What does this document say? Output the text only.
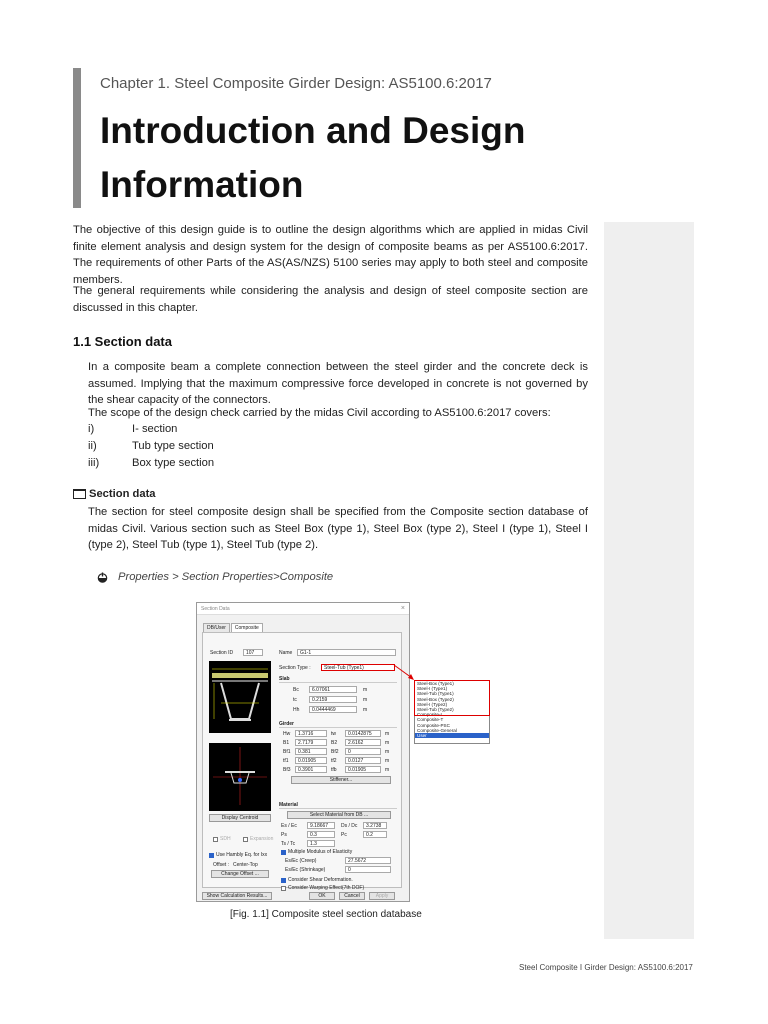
Chapter 1. Steel Composite Girder Design: AS5100.6:2017
Introduction and Design
Information

The objective of this design guide is to outline the design algorithms which are applied in midas Civil finite element analysis and design system for the design of composite beams as per AS5100.6:2017. The requirements of other Parts of the AS(AS/NZS) 5100 series may apply to both steel and composite members.

The general requirements while considering the analysis and design of steel composite section are discussed in this chapter.

1.1 Section data

In a composite beam a complete connection between the steel girder and the concrete deck is assumed. Implying that the maximum compressive force developed in concrete is not governed by the shear capacity of the connectors.

The scope of the design check carried by the midas Civil according to AS5100.6:2017 covers:

i)	I- section
ii)	Tub type section
iii)	Box type section
Section data

The section for steel composite design shall be specified from the Composite section database of midas Civil. Various section such as Steel Box (type 1), Steel Box (type 2), Steel I (type 1), Steel I (type 2), Steel Tub (type 1), Steel Tub (type 2).

Properties > Section Properties>Composite
Section Data	×
DB/User	Composite
Section ID	107	Name	G1-1
Section Type :	Steel-Tub (Type1)
Slab
Bc	6.07061	m
tc	0.2159	m
Hh	0.0444469	m
Girder
Hw	1.3716	tw	0.0142875	m
B1	2.7179	B2	2.6162	m
Bf1	0.381	Bf2	0	m
tf1	0.01905	tf2	0.0127	m
Bf3	0.3901	tfb	0.01905	m
Stiffener...
Display Centroid
SDH	Expansion
Material
Select Material from DB ...
Es / Ec	9.18667	Ds / Dc	3.2738
Ps	0.3	Pc	0.2
Ts / Tc	1.3
Multiple Modulus of Elasticity
Es/Ec (Creep)	27.5672
Es/Ec (Shrinkage)	0
Consider Shear Deformation.
Consider Warping Effect(7th DOF)
Use Hambly Eq. for Ixx
Offset : Center-Top
Change Offset ...
Show Calculation Results...	OK	Cancel	Apply
Steel-Box (Type1)
Steel-I (Type1)
Steel-Tub (Type1)
Steel-Box (Type2)
Steel-I (Type2)
Steel-Tub (Type2)
Composite-I
Composite-T
Composite-PSC
Composite-General
User
[Fig. 1.1] Composite steel section database
Steel Composite I Girder Design: AS5100.6:2017
